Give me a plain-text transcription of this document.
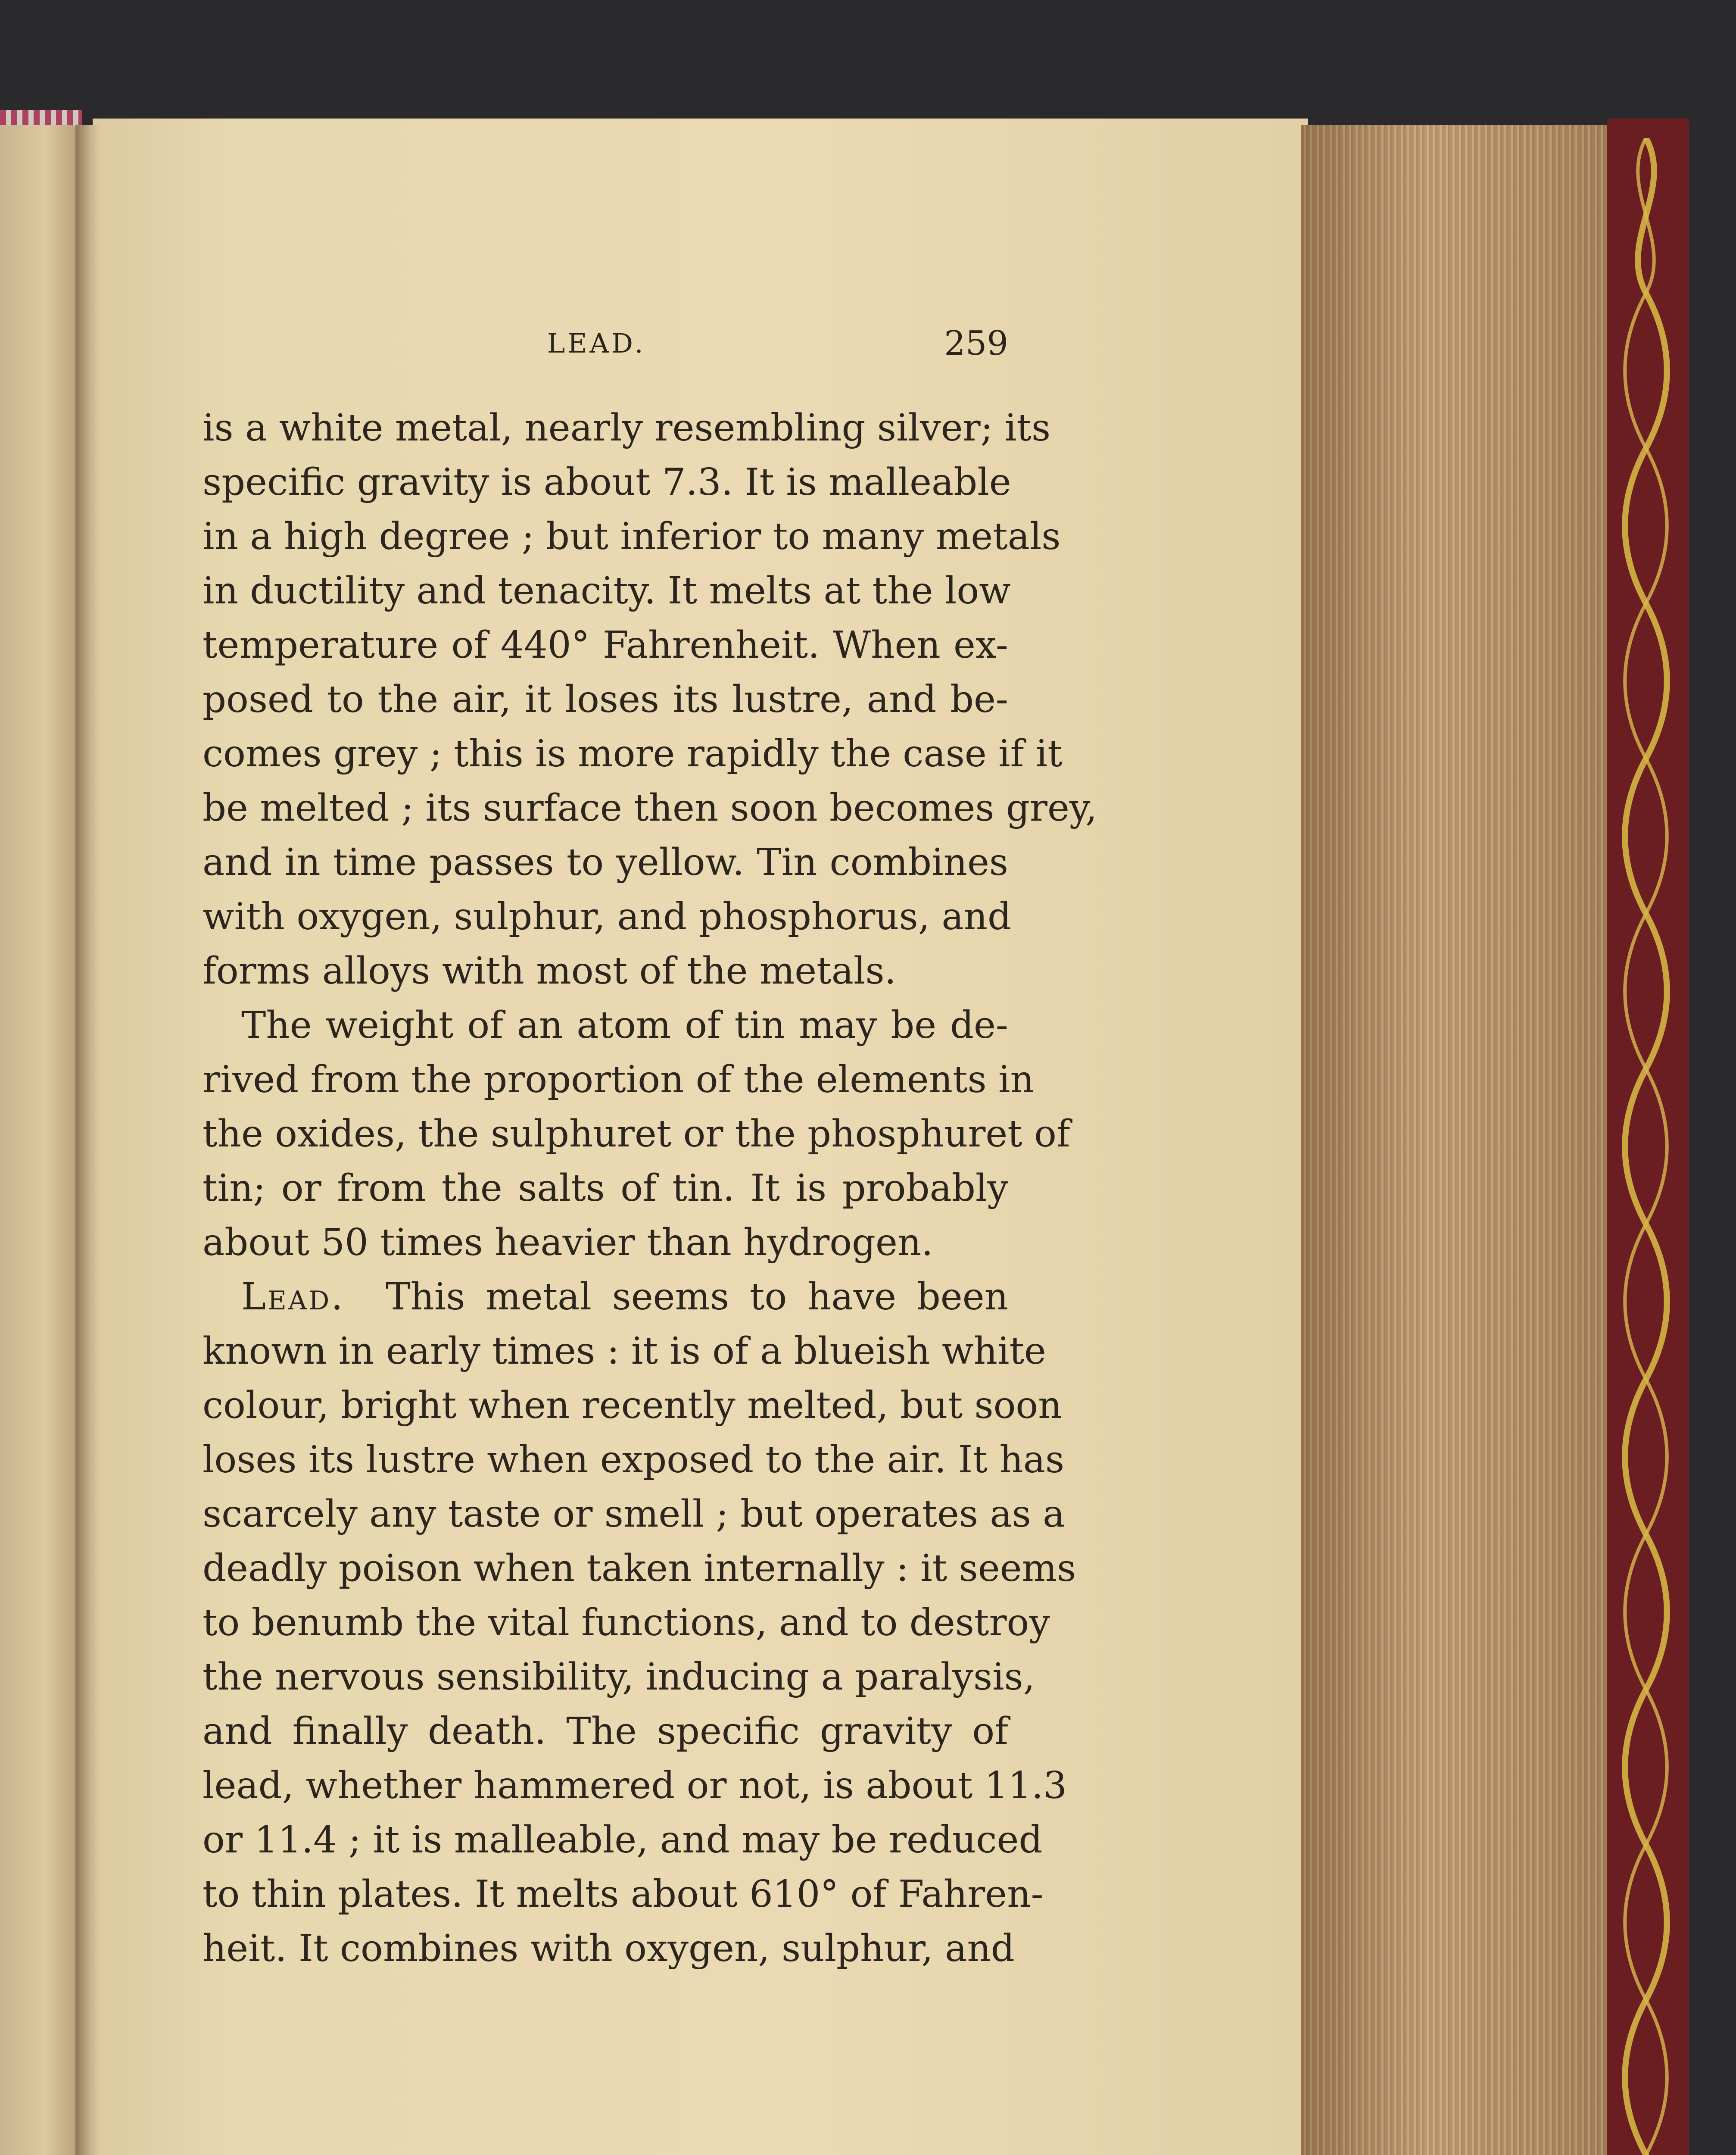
LEAD.	259
is a white metal, nearly resembling silver; its
specific gravity is about 7.3. It is malleable
in a high degree ; but inferior to many metals
in ductility and tenacity. It melts at the low
temperature of 440° Fahrenheit. When ex-
posed to the air, it loses its lustre, and be-
comes grey ; this is more rapidly the case if it
be melted ; its surface then soon becomes grey,
and in time passes to yellow. Tin combines
with oxygen, sulphur, and phosphorus, and
forms alloys with most of the metals.
The weight of an atom of tin may be de-
rived from the proportion of the elements in
the oxides, the sulphuret or the phosphuret of
tin; or from the salts of tin. It is probably
about 50 times heavier than hydrogen.
Lead. This metal seems to have been
known in early times : it is of a blueish white
colour, bright when recently melted, but soon
loses its lustre when exposed to the air. It has
scarcely any taste or smell ; but operates as a
deadly poison when taken internally : it seems
to benumb the vital functions, and to destroy
the nervous sensibility, inducing a paralysis,
and finally death. The specific gravity of
lead, whether hammered or not, is about 11.3
or 11.4 ; it is malleable, and may be reduced
to thin plates. It melts about 610° of Fahren-
heit. It combines with oxygen, sulphur, and
